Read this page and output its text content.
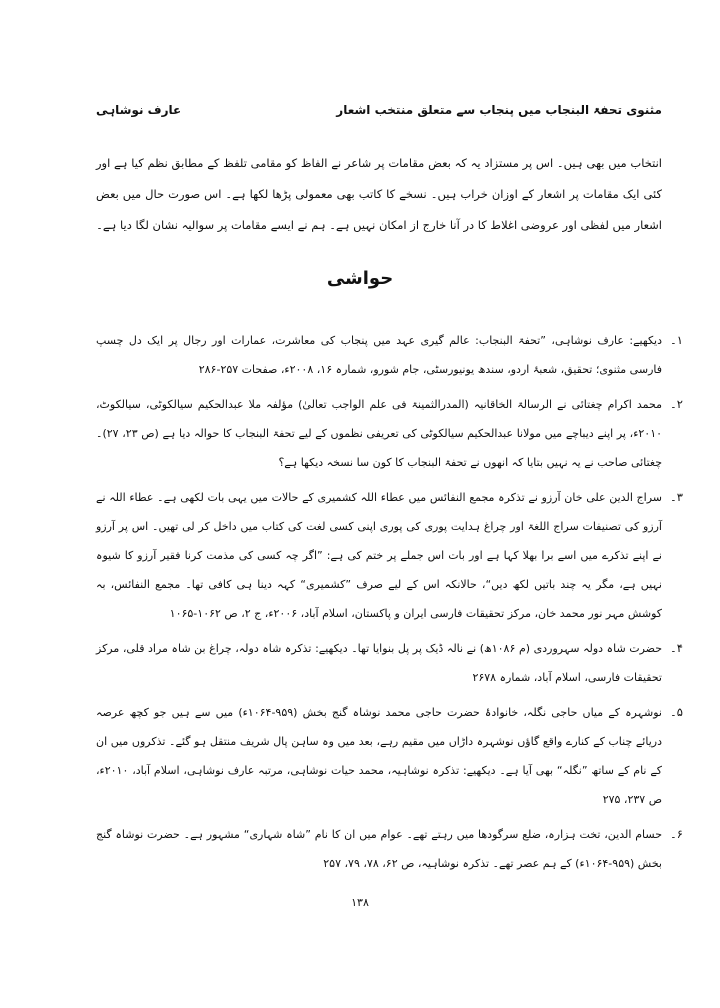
عارف نوشاہی	مثنوی تحفۃ البنجاب میں پنجاب سے متعلق منتخب اشعار
انتخاب میں بھی ہیں۔ اس پر مستزاد یہ کہ بعض مقامات پر شاعر نے الفاظ کو مقامی تلفظ کے مطابق نظم کیا ہے اور کئی ایک مقامات پر اشعار کے اوزان خراب ہیں۔ نسخے کا کاتب بھی معمولی پڑھا لکھا ہے۔ اس صورت حال میں بعض اشعار میں لفظی اور عروضی اغلاط کا در آنا خارج از امکان نہیں ہے۔ ہم نے ایسے مقامات پر سوالیہ نشان لگا دیا ہے۔
حواشی
۱۔
دیکھیے: عارف نوشاہی، ”تحفۃ البنجاب: عالم گیری عہد میں پنجاب کی معاشرت، عمارات اور رجال پر ایک دل چسپ فارسی مثنوی؛ تحقیق، شعبۂ اردو، سندھ یونیورسٹی، جام شورو، شمارہ ۱۶، ۲۰۰۸ء، صفحات ۲۵۷-۲۸۶
۲۔
محمد اکرام چغتائی نے الرسالۃ الخاقانیہ (المدرالثمینۃ فی علم الواجب تعالیٰ) مؤلفہ ملا عبدالحکیم سیالکوٹی، سیالکوٹ، ۲۰۱۰ء، پر اپنے دیباچے میں مولانا عبدالحکیم سیالکوٹی کی تعریفی نظموں کے لیے تحفۃ البنجاب کا حوالہ دیا ہے (ص ۲۳، ۲۷)۔ چغتائی صاحب نے یہ نہیں بتایا کہ انھوں نے تحفۃ البنجاب کا کون سا نسخہ دیکھا ہے؟
۳۔
سراج الدین علی خان آرزو نے تذکرہ مجمع النفائس میں عطاء اللہ کشمیری کے حالات میں یہی بات لکھی ہے۔ عطاء اللہ نے آرزو کی تصنیفات سراج اللغۃ اور چراغ ہدایت پوری کی پوری اپنی کسی لغت کی کتاب میں داخل کر لی تھیں۔ اس پر آرزو نے اپنے تذکرے میں اسے برا بھلا کہا ہے اور بات اس جملے پر ختم کی ہے: ”اگر چہ کسی کی مذمت کرنا فقیر آرزو کا شیوہ نہیں ہے، مگر یہ چند باتیں لکھ دیں“، حالانکہ اس کے لیے صرف ”کشمیری“ کہہ دینا ہی کافی تھا۔ مجمع النفائس، بہ کوشش مہر نور محمد خان، مرکز تحقیقات فارسی ایران و پاکستان، اسلام آباد، ۲۰۰۶ء، ج ۲، ص ۱۰۶۲-۱۰۶۵
۴۔
حضرت شاہ دولہ سہروردی (م ۱۰۸۶ھ) نے نالہ ڈیک پر پل بنوایا تھا۔ دیکھیے: تذکرہ شاہ دولہ، چراغ بن شاہ مراد قلی، مرکز تحقیقات فارسی، اسلام آباد، شمارہ ۲۶۷۸
۵۔
نوشہرہ کے میاں حاجی نگلہ، خانوادۂ حضرت حاجی محمد نوشاہ گنج بخش (۹۵۹-۱۰۶۴ء) میں سے ہیں جو کچھ عرصہ دریائے چناب کے کنارے واقع گاؤں نوشہرہ داڑاں میں مقیم رہے، بعد میں وہ ساہن پال شریف منتقل ہو گئے۔ تذکروں میں ان کے نام کے ساتھ ”نگلہ“ بھی آیا ہے۔ دیکھیے: تذکرہ نوشاہیہ، محمد حیات نوشاہی، مرتبہ عارف نوشاہی، اسلام آباد، ۲۰۱۰ء، ص ۲۳۷، ۲۷۵
۶۔
حسام الدین، تخت ہزارہ، ضلع سرگودھا میں رہتے تھے۔ عوام میں ان کا نام ”شاہ شہاری“ مشہور ہے۔ حضرت نوشاہ گنج بخش (۹۵۹-۱۰۶۴ء) کے ہم عصر تھے۔ تذکرہ نوشاہیہ، ص ۶۲، ۷۸، ۷۹، ۲۵۷
۱۳۸
